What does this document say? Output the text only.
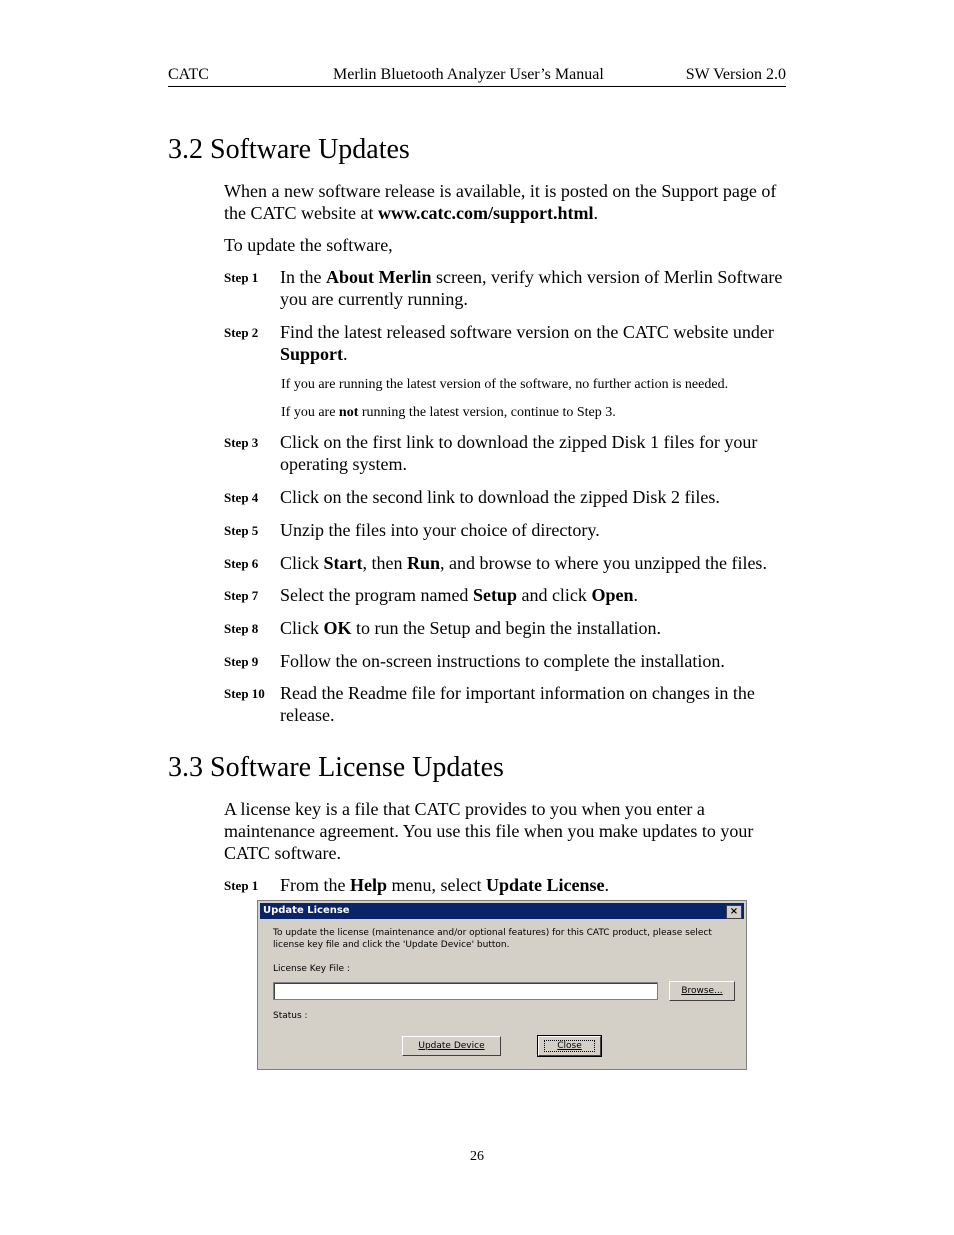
CATC	Merlin Bluetooth Analyzer User’s Manual	SW Version 2.0
3.2 Software Updates

When a new software release is available, it is posted on the Support page of the CATC website at www.catc.com/support.html.

To update the software,

Step 1 In the About Merlin screen, verify which version of Merlin Software you are currently running.
Step 2 Find the latest released software version on the CATC website under Support.
If you are running the latest version of the software, no further action is needed.
If you are not running the latest version, continue to Step 3.
Step 3 Click on the first link to download the zipped Disk 1 files for your operating system.
Step 4 Click on the second link to download the zipped Disk 2 files.
Step 5 Unzip the files into your choice of directory.
Step 6 Click Start, then Run, and browse to where you unzipped the files.
Step 7 Select the program named Setup and click Open.
Step 8 Click OK to run the Setup and begin the installation.
Step 9 Follow the on-screen instructions to complete the installation.
Step 10 Read the Readme file for important information on changes in the release.
3.3 Software License Updates

A license key is a file that CATC provides to you when you enter a maintenance agreement. You use this file when you make updates to your CATC software.

Step 1 From the Help menu, select Update License.
Update License	×
To update the license (maintenance and/or optional features) for this CATC product, please select license key file and click the 'Update Device' button.
License Key File :
Browse...
Status :
Update Device	Close
26
